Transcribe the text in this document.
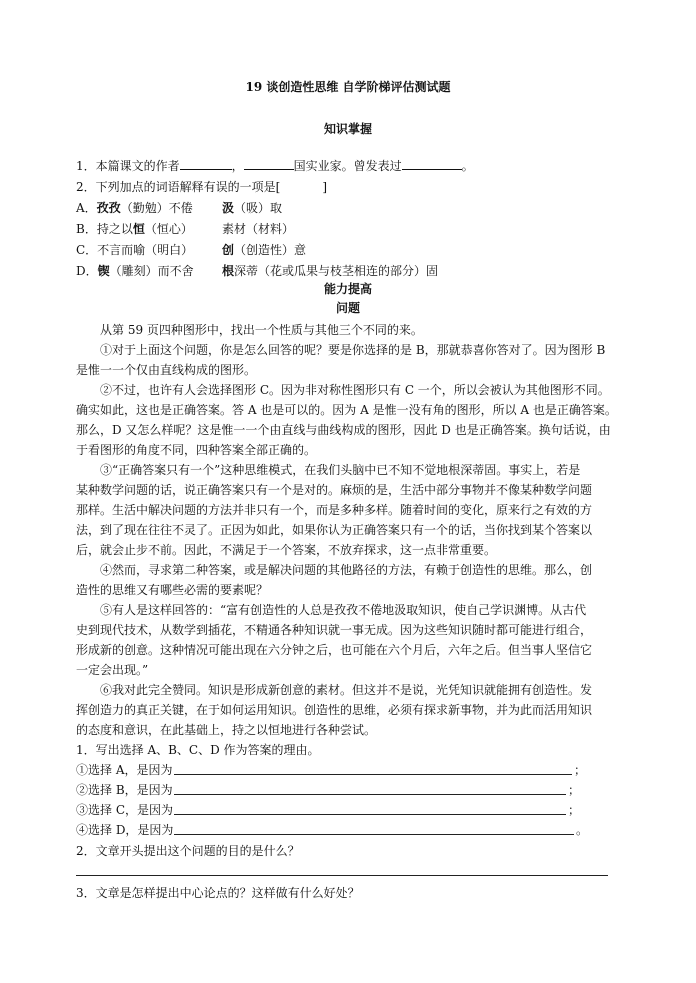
19 谈创造性思维 自学阶梯评估测试题
知识掌握
1．本篇课文的作者	，	国实业家。曾发表过	。
2．下列加点的词语解释有误的一项是[	]
A．孜孜（勤勉）不倦 汲（吸）取
B．持之以恒（恒心） 素材（材料）
C．不言而喻（明白） 创（创造性）意
D．锲（雕刻）而不舍 根深蒂（花或瓜果与枝茎相连的部分）固
能力提高
问题
从第 59 页四种图形中，找出一个性质与其他三个不同的来。
①对于上面这个问题，你是怎么回答的呢？要是你选择的是 B，那就恭喜你答对了。因为图形 B
是惟一一个仅由直线构成的图形。
②不过，也许有人会选择图形 C。因为非对称性图形只有 C 一个，所以会被认为其他图形不同。
确实如此，这也是正确答案。答 A 也是可以的。因为 A 是惟一没有角的图形，所以 A 也是正确答案。
那么，D 又怎么样呢？这是惟一一个由直线与曲线构成的图形，因此 D 也是正确答案。换句话说，由
于看图形的角度不同，四种答案全部正确的。
③“正确答案只有一个”这种思维模式，在我们头脑中已不知不觉地根深蒂固。事实上，若是
某种数学问题的话，说正确答案只有一个是对的。麻烦的是，生活中部分事物并不像某种数学问题
那样。生活中解决问题的方法并非只有一个，而是多种多样。随着时间的变化，原来行之有效的方
法，到了现在往往不灵了。正因为如此，如果你认为正确答案只有一个的话，当你找到某个答案以
后，就会止步不前。因此，不满足于一个答案，不放弃探求，这一点非常重要。
④然而，寻求第二种答案，或是解决问题的其他路径的方法，有赖于创造性的思维。那么，创
造性的思维又有哪些必需的要素呢？
⑤有人是这样回答的：“富有创造性的人总是孜孜不倦地汲取知识，使自己学识渊博。从古代
史到现代技术，从数学到插花，不精通各种知识就一事无成。因为这些知识随时都可能进行组合，
形成新的创意。这种情况可能出现在六分钟之后，也可能在六个月后，六年之后。但当事人坚信它
一定会出现。”
⑥我对此完全赞同。知识是形成新创意的素材。但这并不是说，光凭知识就能拥有创造性。发
挥创造力的真正关键，在于如何运用知识。创造性的思维，必须有探求新事物，并为此而活用知识
的态度和意识，在此基础上，持之以恒地进行各种尝试。
1．写出选择 A、B、C、D 作为答案的理由。
①选择 A，是因为	；
②选择 B，是因为	；
③选择 C，是因为	；
④选择 D，是因为	。
2．文章开头提出这个问题的目的是什么？
3．文章是怎样提出中心论点的？这样做有什么好处？
